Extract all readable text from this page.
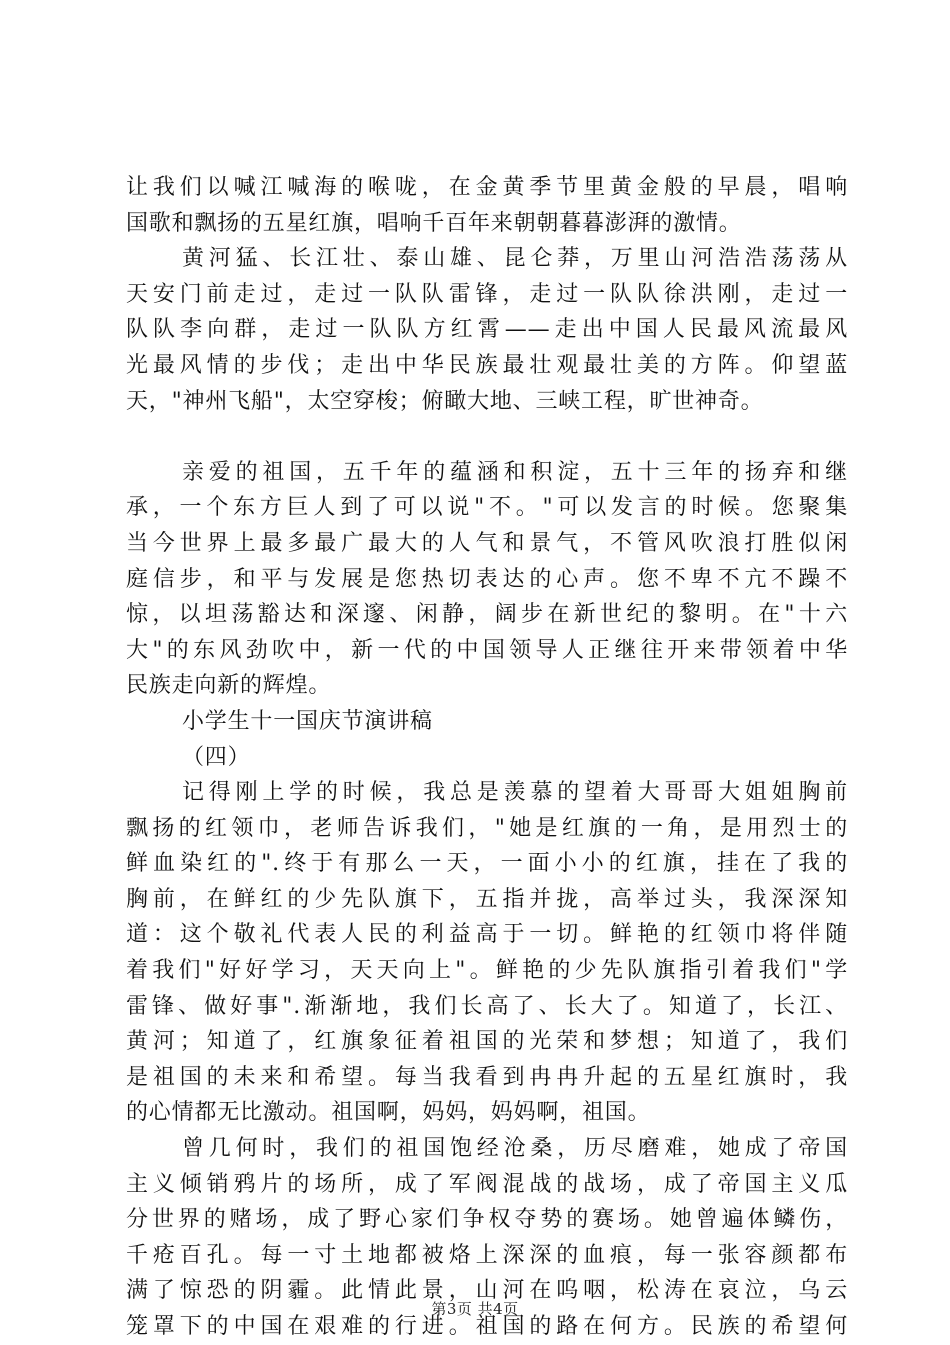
让我们以喊江喊海的喉咙，在金黄季节里黄金般的早晨，唱响
国歌和飘扬的五星红旗，唱响千百年来朝朝暮暮澎湃的激情。
黄河猛、长江壮、泰山雄、昆仑莽，万里山河浩浩荡荡从
天安门前走过，走过一队队雷锋，走过一队队徐洪刚，走过一
队队李向群，走过一队队方红霄——走出中国人民最风流最风
光最风情的步伐；走出中华民族最壮观最壮美的方阵。仰望蓝
天，"神州飞船"，太空穿梭；俯瞰大地、三峡工程，旷世神奇。
亲爱的祖国，五千年的蕴涵和积淀，五十三年的扬弃和继
承，一个东方巨人到了可以说"不。"可以发言的时候。您聚集
当今世界上最多最广最大的人气和景气，不管风吹浪打胜似闲
庭信步，和平与发展是您热切表达的心声。您不卑不亢不躁不
惊，以坦荡豁达和深邃、闲静，阔步在新世纪的黎明。在"十六
大"的东风劲吹中，新一代的中国领导人正继往开来带领着中华
民族走向新的辉煌。
小学生十一国庆节演讲稿
（四）
记得刚上学的时候，我总是羡慕的望着大哥哥大姐姐胸前
飘扬的红领巾，老师告诉我们，"她是红旗的一角，是用烈士的
鲜血染红的".终于有那么一天，一面小小的红旗，挂在了我的
胸前，在鲜红的少先队旗下，五指并拢，高举过头，我深深知
道：这个敬礼代表人民的利益高于一切。鲜艳的红领巾将伴随
着我们"好好学习，天天向上"。鲜艳的少先队旗指引着我们"学
雷锋、做好事".渐渐地，我们长高了、长大了。知道了，长江、
黄河；知道了，红旗象征着祖国的光荣和梦想；知道了，我们
是祖国的未来和希望。每当我看到冉冉升起的五星红旗时，我
的心情都无比激动。祖国啊，妈妈，妈妈啊，祖国。
曾几何时，我们的祖国饱经沧桑，历尽磨难，她成了帝国
主义倾销鸦片的场所，成了军阀混战的战场，成了帝国主义瓜
分世界的赌场，成了野心家们争权夺势的赛场。她曾遍体鳞伤，
千疮百孔。每一寸土地都被烙上深深的血痕，每一张容颜都布
满了惊恐的阴霾。此情此景，山河在呜咽，松涛在哀泣，乌云
笼罩下的中国在艰难的行进。祖国的路在何方。民族的希望何
第3页 共4页
